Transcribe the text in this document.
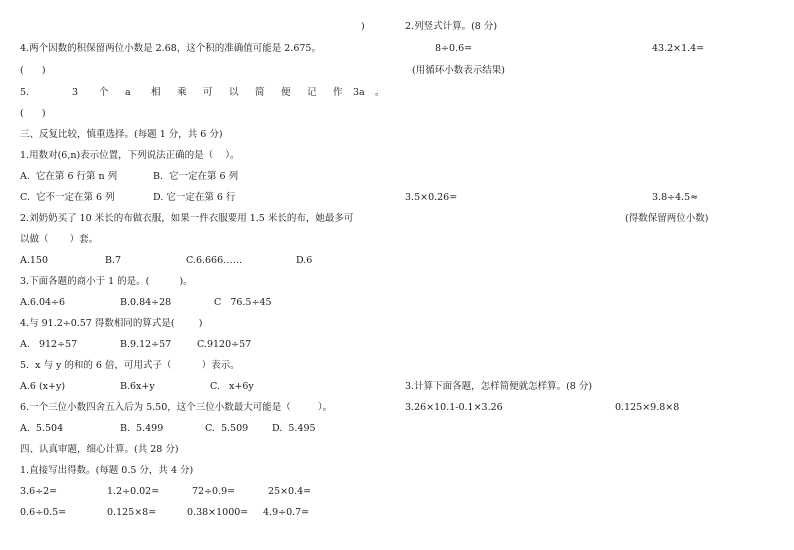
)
4.两个因数的积保留两位小数是 2.68，这个积的准确值可能是 2.675。
(      )
5.	3 个 a 相 乘 可 以 简 便 记 作 3a 。
(      )
三、反复比较，慎重选择。(每题 1 分，共 6 分)
1.用数对(6,n)表示位置，下列说法正确的是（    ）。
A.  它在第 6 行第 n 列	B.  它一定在第 6 列
C.  它不一定在第 6 列	D. 它一定在第 6 行
2.刘奶奶买了 10 米长的布做衣服，如果一件衣服要用 1.5 米长的布，她最多可
以做（       ）套。
A.150	B.7	C.6.666……	D.6
3.下面各题的商小于 1 的是。(          )。
A.6.04÷6	B.0.84÷28	C   76.5÷45
4.与 91.2÷0.57 得数相同的算式是(        )
A.   912÷57	B.9.12÷57	C.9120÷57
5.  x 与 y 的和的 6 倍，可用式子（          ）表示。
A.6 (x+y)	B.6x+y	C.   x+6y
6.一个三位小数四舍五入后为 5.50，这个三位小数最大可能是（         ）。
A.  5.504	B.  5.499	C.  5.509	D.  5.495
四、认真审题，细心计算。(共 28 分)
1.直接写出得数。(每题 0.5 分，共 4 分)
3.6÷2=	1.2÷0.02=	72÷0.9=	25×0.4=
0.6÷0.5=	0.125×8=	0.38×1000= 4.9÷0.7=
2.列竖式计算。(8 分)
8÷0.6=	43.2×1.4=
(用循环小数表示结果)
3.5×0.26=	3.8÷4.5≈
(得数保留两位小数)
3.计算下面各题，怎样简便就怎样算。(8 分)
3.26×10.1-0.1×3.26	0.125×9.8×8
